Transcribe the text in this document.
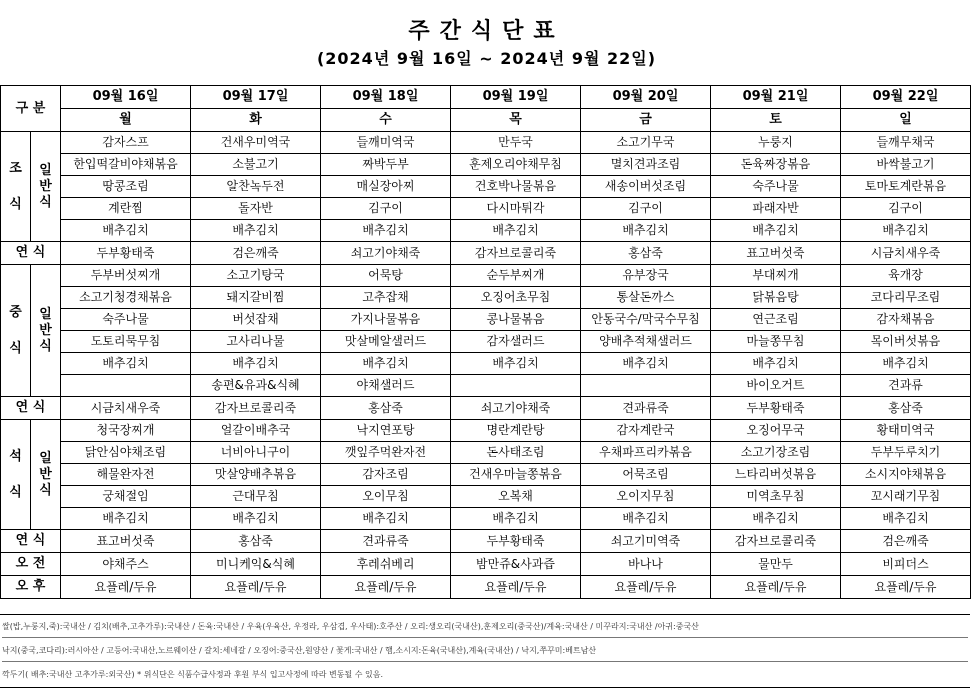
주간식단표
(2024년 9월 16일 ~ 2024년 9월 22일)
구 분		09월 16일	09월 17일	09월 18일	09월 19일	09월 20일	09월 21일	09월 22일
		월	화	수	목	금	토	일

조

식	일
반
식	감자스프	건새우미역국	들깨미역국	만두국	소고기무국	누룽지	들깨무채국
		한입떡갈비야채볶음	소불고기	짜박두부	훈제오리야채무침	멸치견과조림	돈육짜장볶음	바싹불고기
		땅콩조림	알찬녹두전	매실장아찌	건호박나물볶음	새송이버섯조림	숙주나물	토마토계란볶음
		계란찜	돌자반	김구이	다시마튀각	김구이	파래자반	김구이
		배추김치	배추김치	배추김치	배추김치	배추김치	배추김치	배추김치
연 식		두부황태죽	검은깨죽	쇠고기야채죽	감자브로콜리죽	홍삼죽	표고버섯죽	시금치새우죽

중

식	일
반
식	두부버섯찌개	소고기탕국	어묵탕	순두부찌개	유부장국	부대찌개	육개장
		소고기청경채볶음	돼지갈비찜	고추잡채	오징어초무침	통살돈까스	닭볶음탕	코다리무조림
		숙주나물	버섯잡채	가지나물볶음	콩나물볶음	안동국수/막국수무침	연근조림	감자채볶음
		도토리묵무침	고사리나물	맛살메알샐러드	감자샐러드	양배추적채샐러드	마늘쫑무침	목이버섯볶음
		배추김치	배추김치	배추김치	배추김치	배추김치	배추김치	배추김치
			송편&유과&식혜	야채샐러드			바이오거트	견과류
연 식		시금치새우죽	감자브로콜리죽	홍삼죽	쇠고기야채죽	견과류죽	두부황태죽	홍삼죽

석

식	일
반
식	청국장찌개	얼갈이배추국	낙지연포탕	명란계란탕	감자계란국	오징어무국	황태미역국
		닭안심야채조림	너비아니구이	깻잎주먹완자전	돈사태조림	우채파프리카볶음	소고기장조림	두부두루치기
		해물완자전	맛살양배추볶음	감자조림	건새우마늘쫑볶음	어묵조림	느타리버섯볶음	소시지야채볶음
		궁채절임	근대무침	오이무침	오복채	오이지무침	미역초무침	꼬시래기무침
		배추김치	배추김치	배추김치	배추김치	배추김치	배추김치	배추김치
연 식		표고버섯죽	홍삼죽	견과류죽	두부황태죽	쇠고기미역죽	감자브로콜리죽	검은깨죽
오 전		야채주스	미니케익&식혜	후레쉬베리	밤만쥬&사과즙	바나나	물만두	비피더스
오 후		요플레/두유	요플레/두유	요플레/두유	요플레/두유	요플레/두유	요플레/두유	요플레/두유
쌀(밥,누룽지,죽):국내산 / 김치(배추,고추가루):국내산 / 돈육:국내산 / 우육(우육산, 우정라, 우삼겹, 우사태):호주산 / 오리:생오리(국내산),훈제오리(중국산)/계육:국내산 / 미꾸라지:국내산 /아귀:중국산
낙지(중국,코다리):러시아산 / 고등어:국내산,노르웨이산 / 갈치:세네갈 / 오징어:중국산,원양산 / 꽃게:국내산 / 햄,소시지:돈육(국내산),계육(국내산) / 낙지,쭈꾸미:베트남산
깍두기( 배추:국내산 고추가루:외국산) * 위식단은 식품수급사정과 후원 부식 입고사정에 따라 변동될 수 있음.
